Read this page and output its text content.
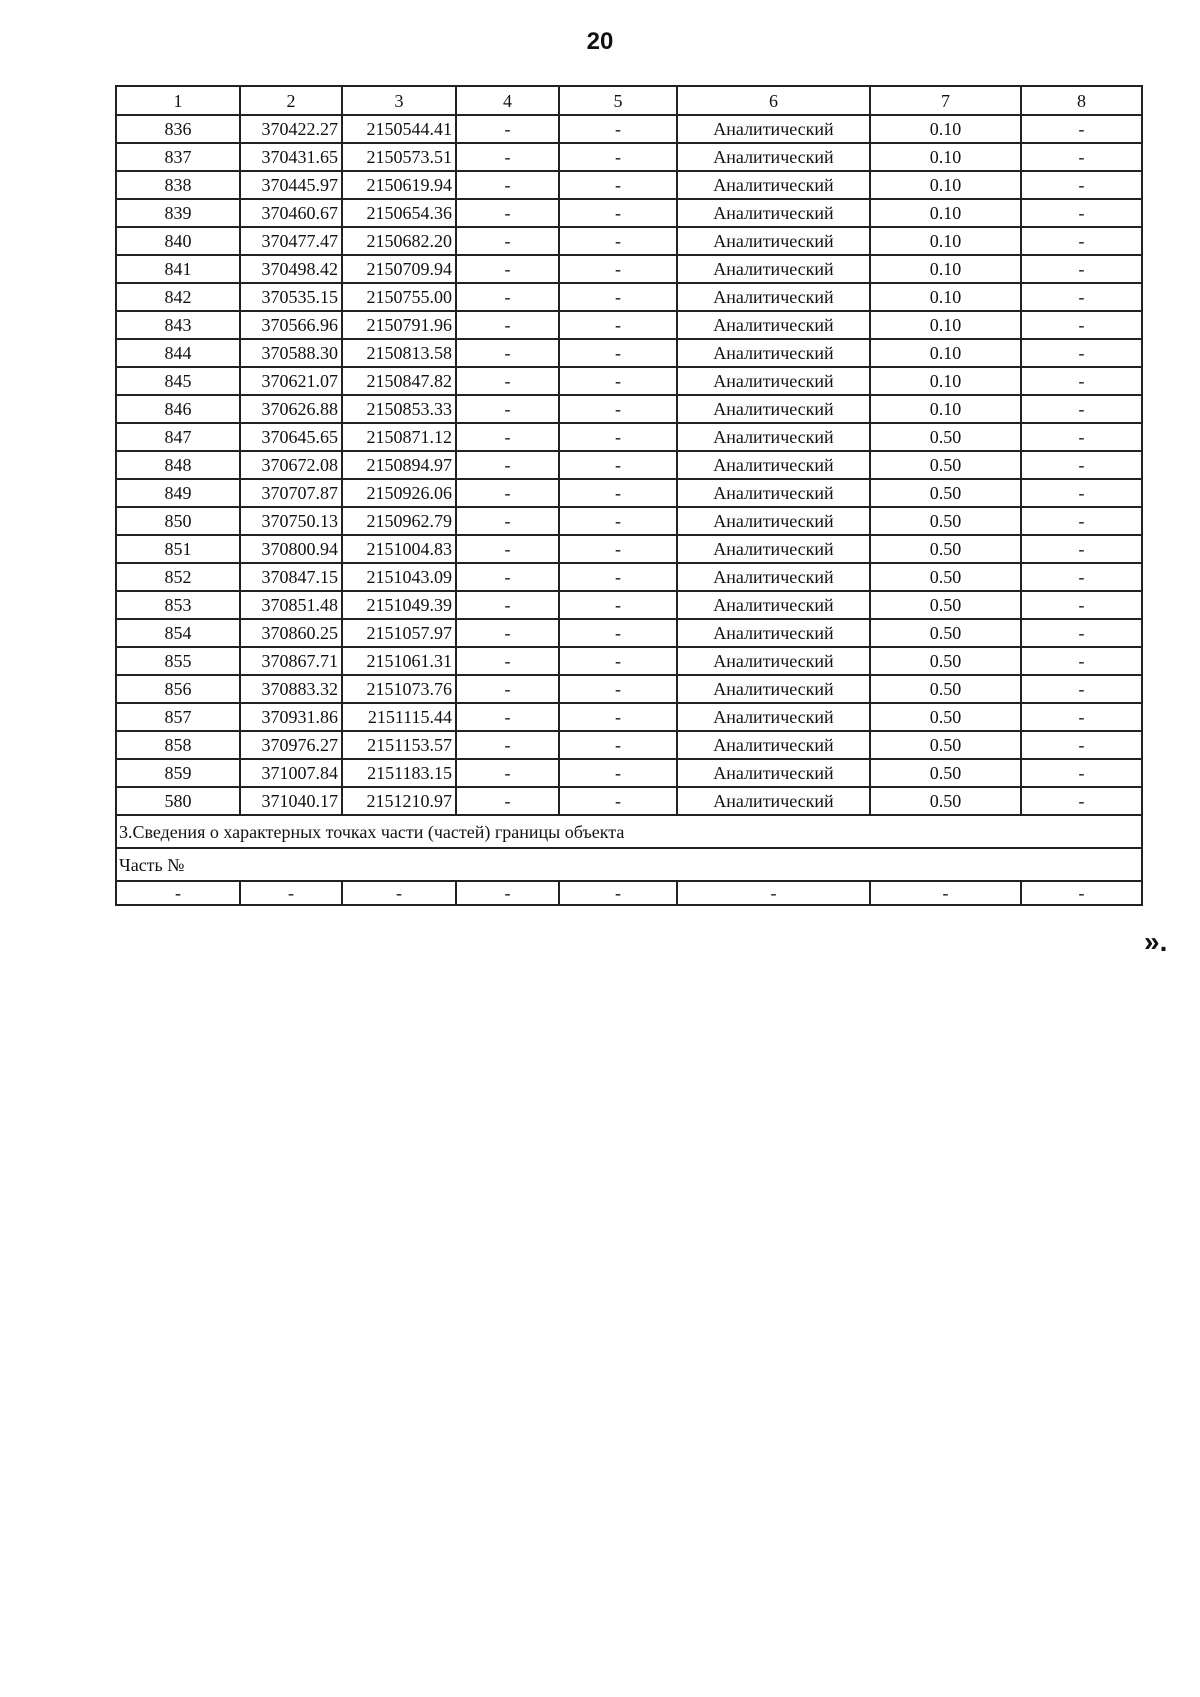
20
1	2	3	4	5	6	7	8
836	370422.27	2150544.41	-	-	Аналитический	0.10	-
837	370431.65	2150573.51	-	-	Аналитический	0.10	-
838	370445.97	2150619.94	-	-	Аналитический	0.10	-
839	370460.67	2150654.36	-	-	Аналитический	0.10	-
840	370477.47	2150682.20	-	-	Аналитический	0.10	-
841	370498.42	2150709.94	-	-	Аналитический	0.10	-
842	370535.15	2150755.00	-	-	Аналитический	0.10	-
843	370566.96	2150791.96	-	-	Аналитический	0.10	-
844	370588.30	2150813.58	-	-	Аналитический	0.10	-
845	370621.07	2150847.82	-	-	Аналитический	0.10	-
846	370626.88	2150853.33	-	-	Аналитический	0.10	-
847	370645.65	2150871.12	-	-	Аналитический	0.50	-
848	370672.08	2150894.97	-	-	Аналитический	0.50	-
849	370707.87	2150926.06	-	-	Аналитический	0.50	-
850	370750.13	2150962.79	-	-	Аналитический	0.50	-
851	370800.94	2151004.83	-	-	Аналитический	0.50	-
852	370847.15	2151043.09	-	-	Аналитический	0.50	-
853	370851.48	2151049.39	-	-	Аналитический	0.50	-
854	370860.25	2151057.97	-	-	Аналитический	0.50	-
855	370867.71	2151061.31	-	-	Аналитический	0.50	-
856	370883.32	2151073.76	-	-	Аналитический	0.50	-
857	370931.86	2151115.44	-	-	Аналитический	0.50	-
858	370976.27	2151153.57	-	-	Аналитический	0.50	-
859	371007.84	2151183.15	-	-	Аналитический	0.50	-
580	371040.17	2151210.97	-	-	Аналитический	0.50	-
3.Сведения о характерных точках части (частей) границы объекта							
Часть №							
-	-	-	-	-	-	-	-
».
